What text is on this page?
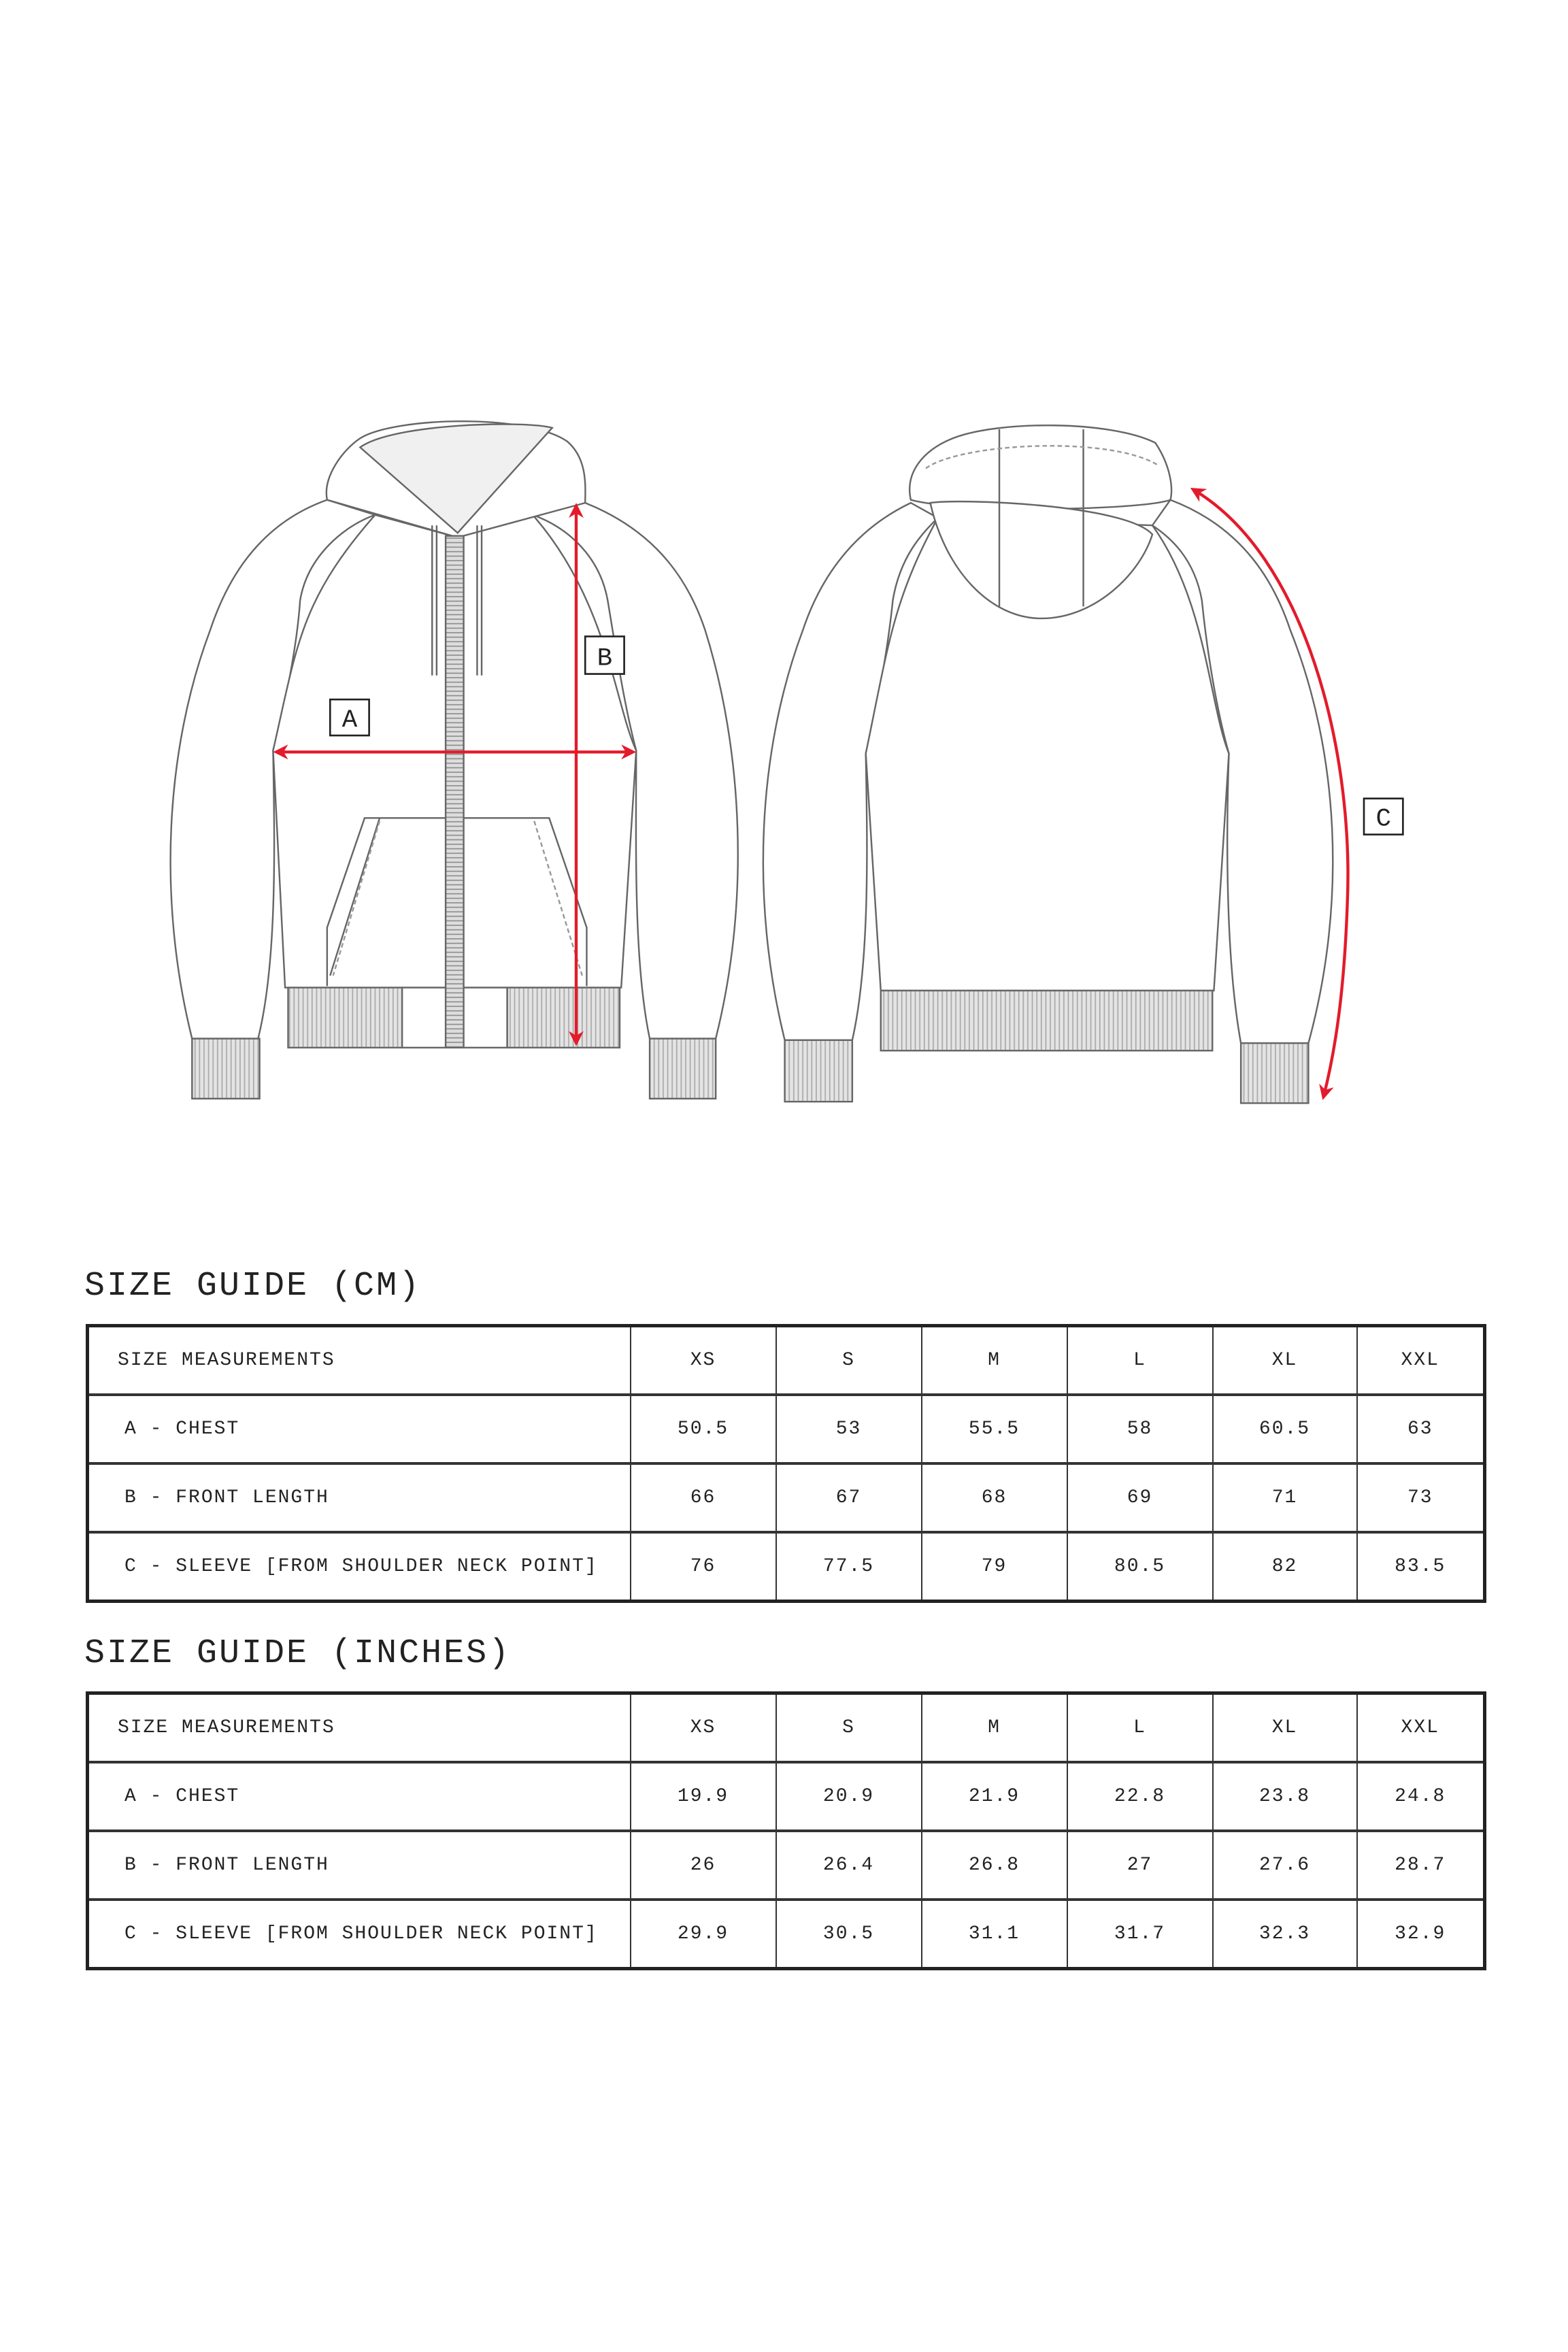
A
B
C
SIZE GUIDE (CM)
SIZE MEASUREMENTS	XS	S	M	L	XL	XXL
A - CHEST	50.5	53	55.5	58	60.5	63
B - FRONT LENGTH	66	67	68	69	71	73
C - SLEEVE [FROM SHOULDER NECK POINT]	76	77.5	79	80.5	82	83.5
SIZE GUIDE (INCHES)
SIZE MEASUREMENTS	XS	S	M	L	XL	XXL
A - CHEST	19.9	20.9	21.9	22.8	23.8	24.8
B - FRONT LENGTH	26	26.4	26.8	27	27.6	28.7
C - SLEEVE [FROM SHOULDER NECK POINT]	29.9	30.5	31.1	31.7	32.3	32.9
